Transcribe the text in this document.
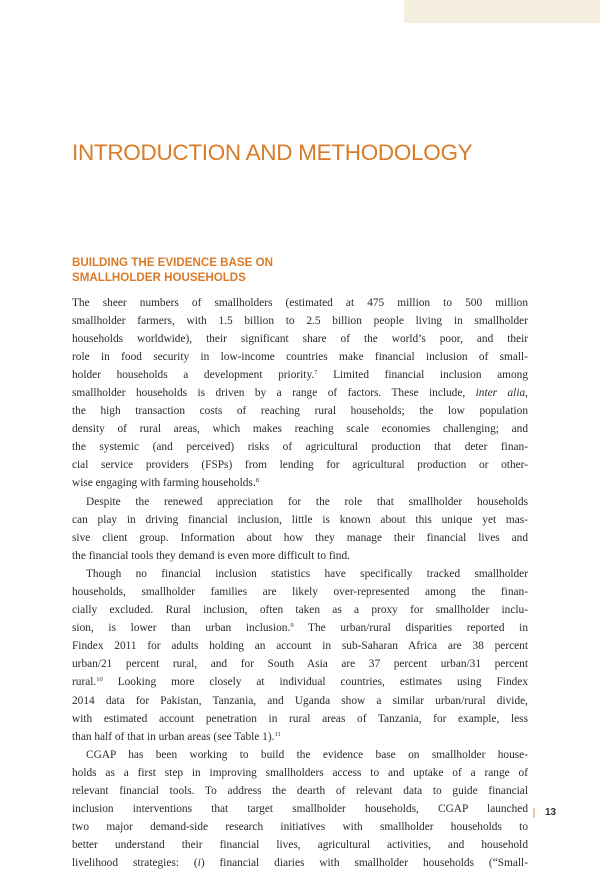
INTRODUCTION AND METHODOLOGY
BUILDING THE EVIDENCE BASE ON
SMALLHOLDER HOUSEHOLDS

The sheer numbers of smallholders (estimated at 475 million to 500 million
smallholder farmers, with 1.5 billion to 2.5 billion people living in smallholder
households worldwide), their significant share of the world’s poor, and their
role in food security in low-income countries make financial inclusion of small-
holder households a development priority.$^7$ Limited financial inclusion among
smallholder households is driven by a range of factors. These include, inter alia,
the high transaction costs of reaching rural households; the low population
density of rural areas, which makes reaching scale economies challenging; and
the systemic (and perceived) risks of agricultural production that deter finan-
cial service providers (FSPs) from lending for agricultural production or other-
wise engaging with farming households.$^8$

Despite the renewed appreciation for the role that smallholder households
can play in driving financial inclusion, little is known about this unique yet mas-
sive client group. Information about how they manage their financial lives and
the financial tools they demand is even more difficult to find.

Though no financial inclusion statistics have specifically tracked smallholder
households, smallholder families are likely over-represented among the finan-
cially excluded. Rural inclusion, often taken as a proxy for smallholder inclu-
sion, is lower than urban inclusion.$^9$ The urban/rural disparities reported in
Findex 2011 for adults holding an account in sub-Saharan Africa are 38 percent
urban/21 percent rural, and for South Asia are 37 percent urban/31 percent
rural.$^{10}$ Looking more closely at individual countries, estimates using Findex
2014 data for Pakistan, Tanzania, and Uganda show a similar urban/rural divide,
with estimated account penetration in rural areas of Tanzania, for example, less
than half of that in urban areas (see Table 1).$^{11}$

CGAP has been working to build the evidence base on smallholder house-
holds as a first step in improving smallholders access to and uptake of a range of
relevant financial tools. To address the dearth of relevant data to guide financial
inclusion interventions that target smallholder households, CGAP launched
two major demand-side research initiatives with smallholder households to
better understand their financial lives, agricultural activities, and household
livelihood strategies: (i) financial diaries with smallholder households (“Small-

13
